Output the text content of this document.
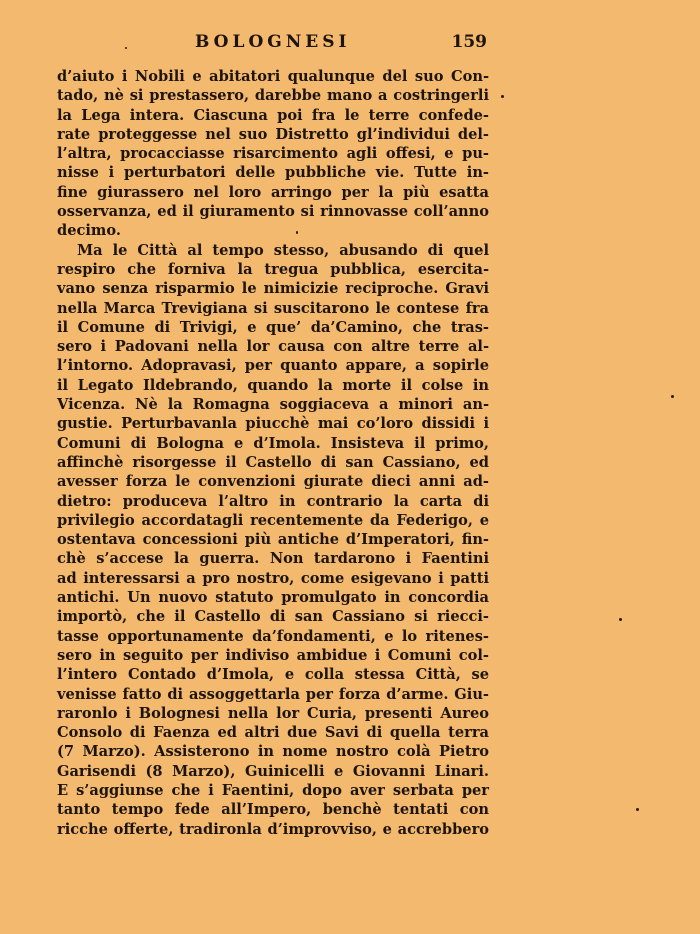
BOLOGNESI	159
d’aiuto i Nobili e abitatori qualunque del suo Con-
tado, nè si prestassero, darebbe mano a costringerli
la Lega intera. Ciascuna poi fra le terre confede-
rate proteggesse nel suo Distretto gl’individui del-
l’altra, procacciasse risarcimento agli offesi, e pu-
nisse i perturbatori delle pubbliche vie. Tutte in-
fine giurassero nel loro arringo per la più esatta
osservanza, ed il giuramento si rinnovasse coll’anno
decimo.
Ma le Città al tempo stesso, abusando di quel
respiro che forniva la tregua pubblica, esercita-
vano senza risparmio le nimicizie reciproche. Gravi
nella Marca Trevigiana si suscitarono le contese fra
il Comune di Trivigi, e que’ da’Camino, che tras-
sero i Padovani nella lor causa con altre terre al-
l’intorno. Adopravasi, per quanto appare, a sopirle
il Legato Ildebrando, quando la morte il colse in
Vicenza. Nè la Romagna soggiaceva a minori an-
gustie. Perturbavanla piucchè mai co’loro dissidi i
Comuni di Bologna e d’Imola. Insisteva il primo,
affinchè risorgesse il Castello di san Cassiano, ed
avesser forza le convenzioni giurate dieci anni ad-
dietro: produceva l’altro in contrario la carta di
privilegio accordatagli recentemente da Federigo, e
ostentava concessioni più antiche d’Imperatori, fin-
chè s’accese la guerra. Non tardarono i Faentini
ad interessarsi a pro nostro, come esigevano i patti
antichi. Un nuovo statuto promulgato in concordia
importò, che il Castello di san Cassiano si riecci-
tasse opportunamente da’fondamenti, e lo ritenes-
sero in seguito per indiviso ambidue i Comuni col-
l’intero Contado d’Imola, e colla stessa Città, se
venisse fatto di assoggettarla per forza d’arme. Giu-
raronlo i Bolognesi nella lor Curia, presenti Aureo
Consolo di Faenza ed altri due Savi di quella terra
(7 Marzo). Assisterono in nome nostro colà Pietro
Garisendi (8 Marzo), Guinicelli e Giovanni Linari.
E s’aggiunse che i Faentini, dopo aver serbata per
tanto tempo fede all’Impero, benchè tentati con
ricche offerte, tradironla d’improvviso, e accrebbero
